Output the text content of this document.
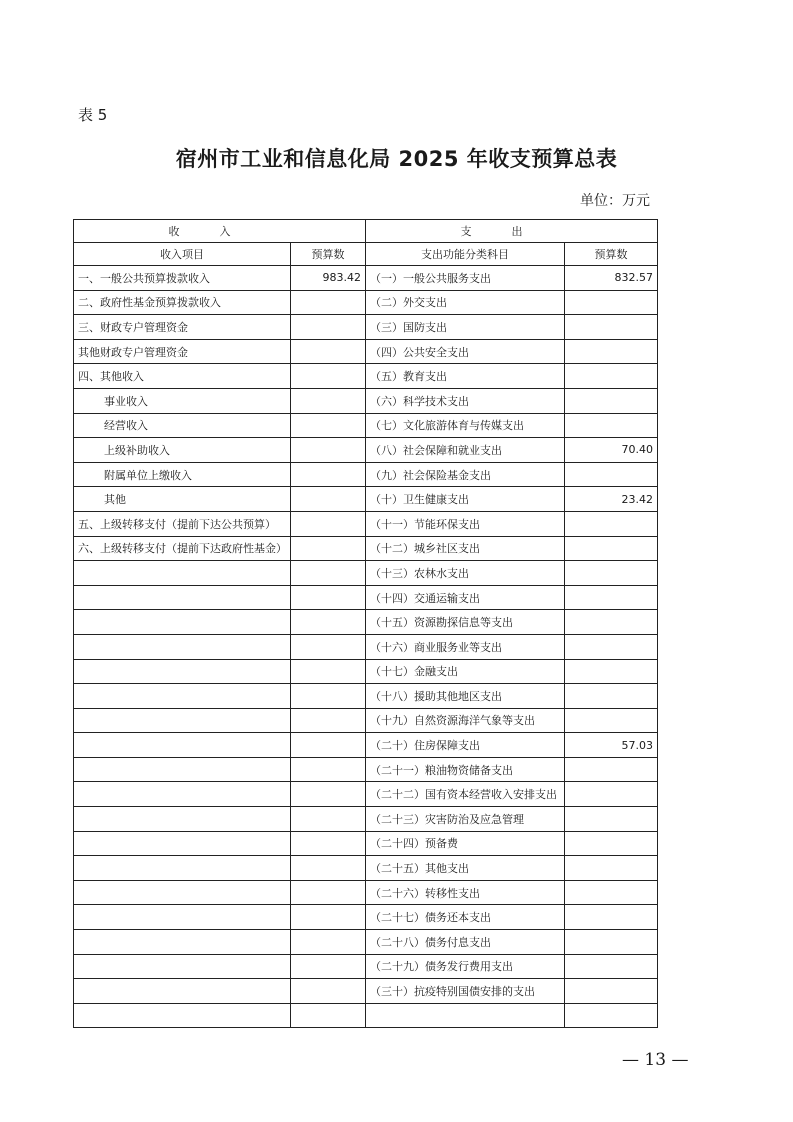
表 5
宿州市工业和信息化局 2025 年收支预算总表
单位：万元
收入		支出	
收入项目	预算数	支出功能分类科目	预算数
一、一般公共预算拨款收入	983.42	（一）一般公共服务支出	832.57
二、政府性基金预算拨款收入		（二）外交支出	
三、财政专户管理资金		（三）国防支出	
其他财政专户管理资金		（四）公共安全支出	
四、其他收入		（五）教育支出	
事业收入		（六）科学技术支出	
经营收入		（七）文化旅游体育与传媒支出	
上级补助收入		（八）社会保障和就业支出	70.40
附属单位上缴收入		（九）社会保险基金支出	
其他		（十）卫生健康支出	23.42
五、上级转移支付（提前下达公共预算）		（十一）节能环保支出	
六、上级转移支付（提前下达政府性基金）		（十二）城乡社区支出	
		（十三）农林水支出	
		（十四）交通运输支出	
		（十五）资源勘探信息等支出	
		（十六）商业服务业等支出	
		（十七）金融支出	
		（十八）援助其他地区支出	
		（十九）自然资源海洋气象等支出	
		（二十）住房保障支出	57.03
		（二十一）粮油物资储备支出	
		（二十二）国有资本经营收入安排支出	
		（二十三）灾害防治及应急管理	
		（二十四）预备费	
		（二十五）其他支出	
		（二十六）转移性支出	
		（二十七）债务还本支出	
		（二十八）债务付息支出	
		（二十九）债务发行费用支出	
		（三十）抗疫特别国债安排的支出	

— 13 —
